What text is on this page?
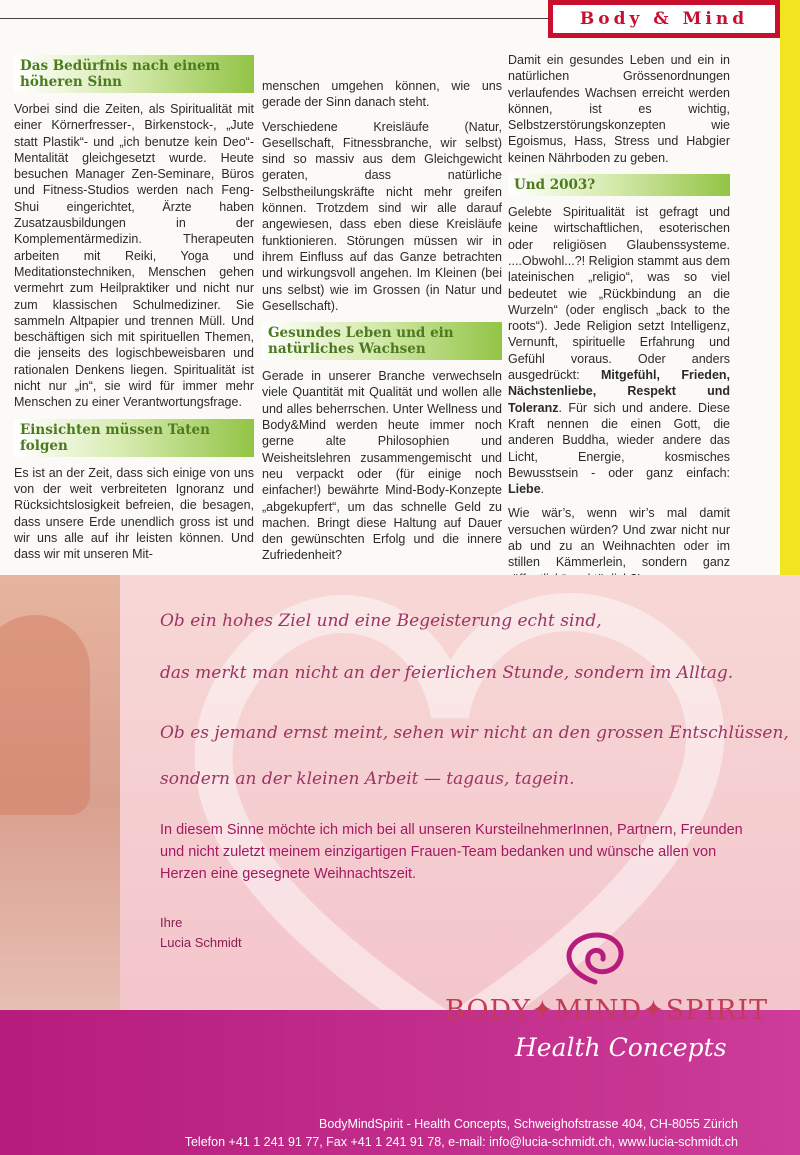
Body & Mind
Das Bedürfnis nach einem höheren Sinn

Vorbei sind die Zeiten, als Spiritualität mit einer Körnerfresser-, Birkenstock-, „Jute statt Plastik“- und „ich benutze kein Deo“-Mentalität gleichgesetzt wurde. Heute besuchen Manager Zen-Seminare, Büros und Fitness-Studios werden nach Feng-Shui eingerichtet, Ärzte haben Zusatzausbildungen in der Komplementärmedizin. Therapeuten arbeiten mit Reiki, Yoga und Meditationstechniken, Menschen gehen vermehrt zum Heilpraktiker und nicht nur zum klassischen Schulmediziner. Sie sammeln Altpapier und trennen Müll. Und beschäftigen sich mit spirituellen Themen, die jenseits des logischbeweisbaren und rationalen Denkens liegen. Spiritualität ist nicht nur „in“, sie wird für immer mehr Menschen zu einer Verantwortungsfrage.

Einsichten müssen Taten folgen

Es ist an der Zeit, dass sich einige von uns von der weit verbreiteten Ignoranz und Rücksichtslosigkeit befreien, die besagen, dass unsere Erde unendlich gross ist und wir uns alle auf ihr leisten können. Und dass wir mit unseren Mit-

menschen umgehen können, wie uns gerade der Sinn danach steht.

Verschiedene Kreisläufe (Natur, Gesellschaft, Fitnessbranche, wir selbst) sind so massiv aus dem Gleichgewicht geraten, dass natürliche Selbstheilungskräfte nicht mehr greifen können. Trotzdem sind wir alle darauf angewiesen, dass eben diese Kreisläufe funktionieren. Störungen müssen wir in ihrem Einfluss auf das Ganze betrachten und wirkungsvoll angehen. Im Kleinen (bei uns selbst) wie im Grossen (in Natur und Gesellschaft).

Gesundes Leben und ein natürliches Wachsen

Gerade in unserer Branche verwechseln viele Quantität mit Qualität und wollen alle und alles beherrschen. Unter Wellness und Body&Mind werden heute immer noch gerne alte Philosophien und Weisheitslehren zusammengemischt und neu verpackt oder (für einige noch einfacher!) bewährte Mind-Body-Konzepte „abgekupfert“, um das schnelle Geld zu machen. Bringt diese Haltung auf Dauer den gewünschten Erfolg und die innere Zufriedenheit?

Damit ein gesundes Leben und ein in natürlichen Grössenordnungen verlaufendes Wachsen erreicht werden können, ist es wichtig, Selbstzerstörungskonzepten wie Egoismus, Hass, Stress und Habgier keinen Nährboden zu geben.

Und 2003?

Gelebte Spiritualität ist gefragt und keine wirtschaftlichen, esoterischen oder religiösen Glaubenssysteme. ....Obwohl...?! Religion stammt aus dem lateinischen „religio“, was so viel bedeutet wie „Rückbindung an die Wurzeln“ (oder englisch „back to the roots“). Jede Religion setzt Intelligenz, Vernunft, spirituelle Erfahrung und Gefühl voraus. Oder anders ausgedrückt: Mitgefühl, Frieden, Nächstenliebe, Respekt und Toleranz. Für sich und andere. Diese Kraft nennen die einen Gott, die anderen Buddha, wieder andere das Licht, Energie, kosmisches Bewusstsein - oder ganz einfach: Liebe.

Wie wär’s, wenn wir’s mal damit versuchen würden? Und zwar nicht nur ab und zu an Weihnachten oder im stillen Kämmerlein, sondern ganz

Ob ein hohes Ziel und eine Begeisterung echt sind,
das merkt man nicht an der feierlichen Stunde, sondern im Alltag.
Ob es jemand ernst meint, sehen wir nicht an den grossen Entschlüssen,
sondern an der kleinen Arbeit — tagaus, tagein.
In diesem Sinne möchte ich mich bei all unseren KursteilnehmerInnen, Partnern, Freunden und nicht zuletzt meinem einzigartigen Frauen-Team bedanken und wünsche allen von Herzen eine gesegnete Weihnachtszeit.
Ihre
Lucia Schmidt
BODY✦MIND✦SPIRIT
Health Concepts
BodyMindSpirit - Health Concepts, Schweighofstrasse 404, CH-8055 Zürich
Telefon +41 1 241 91 77, Fax +41 1 241 91 78, e-mail: info@lucia-schmidt.ch, www.lucia-schmidt.ch
